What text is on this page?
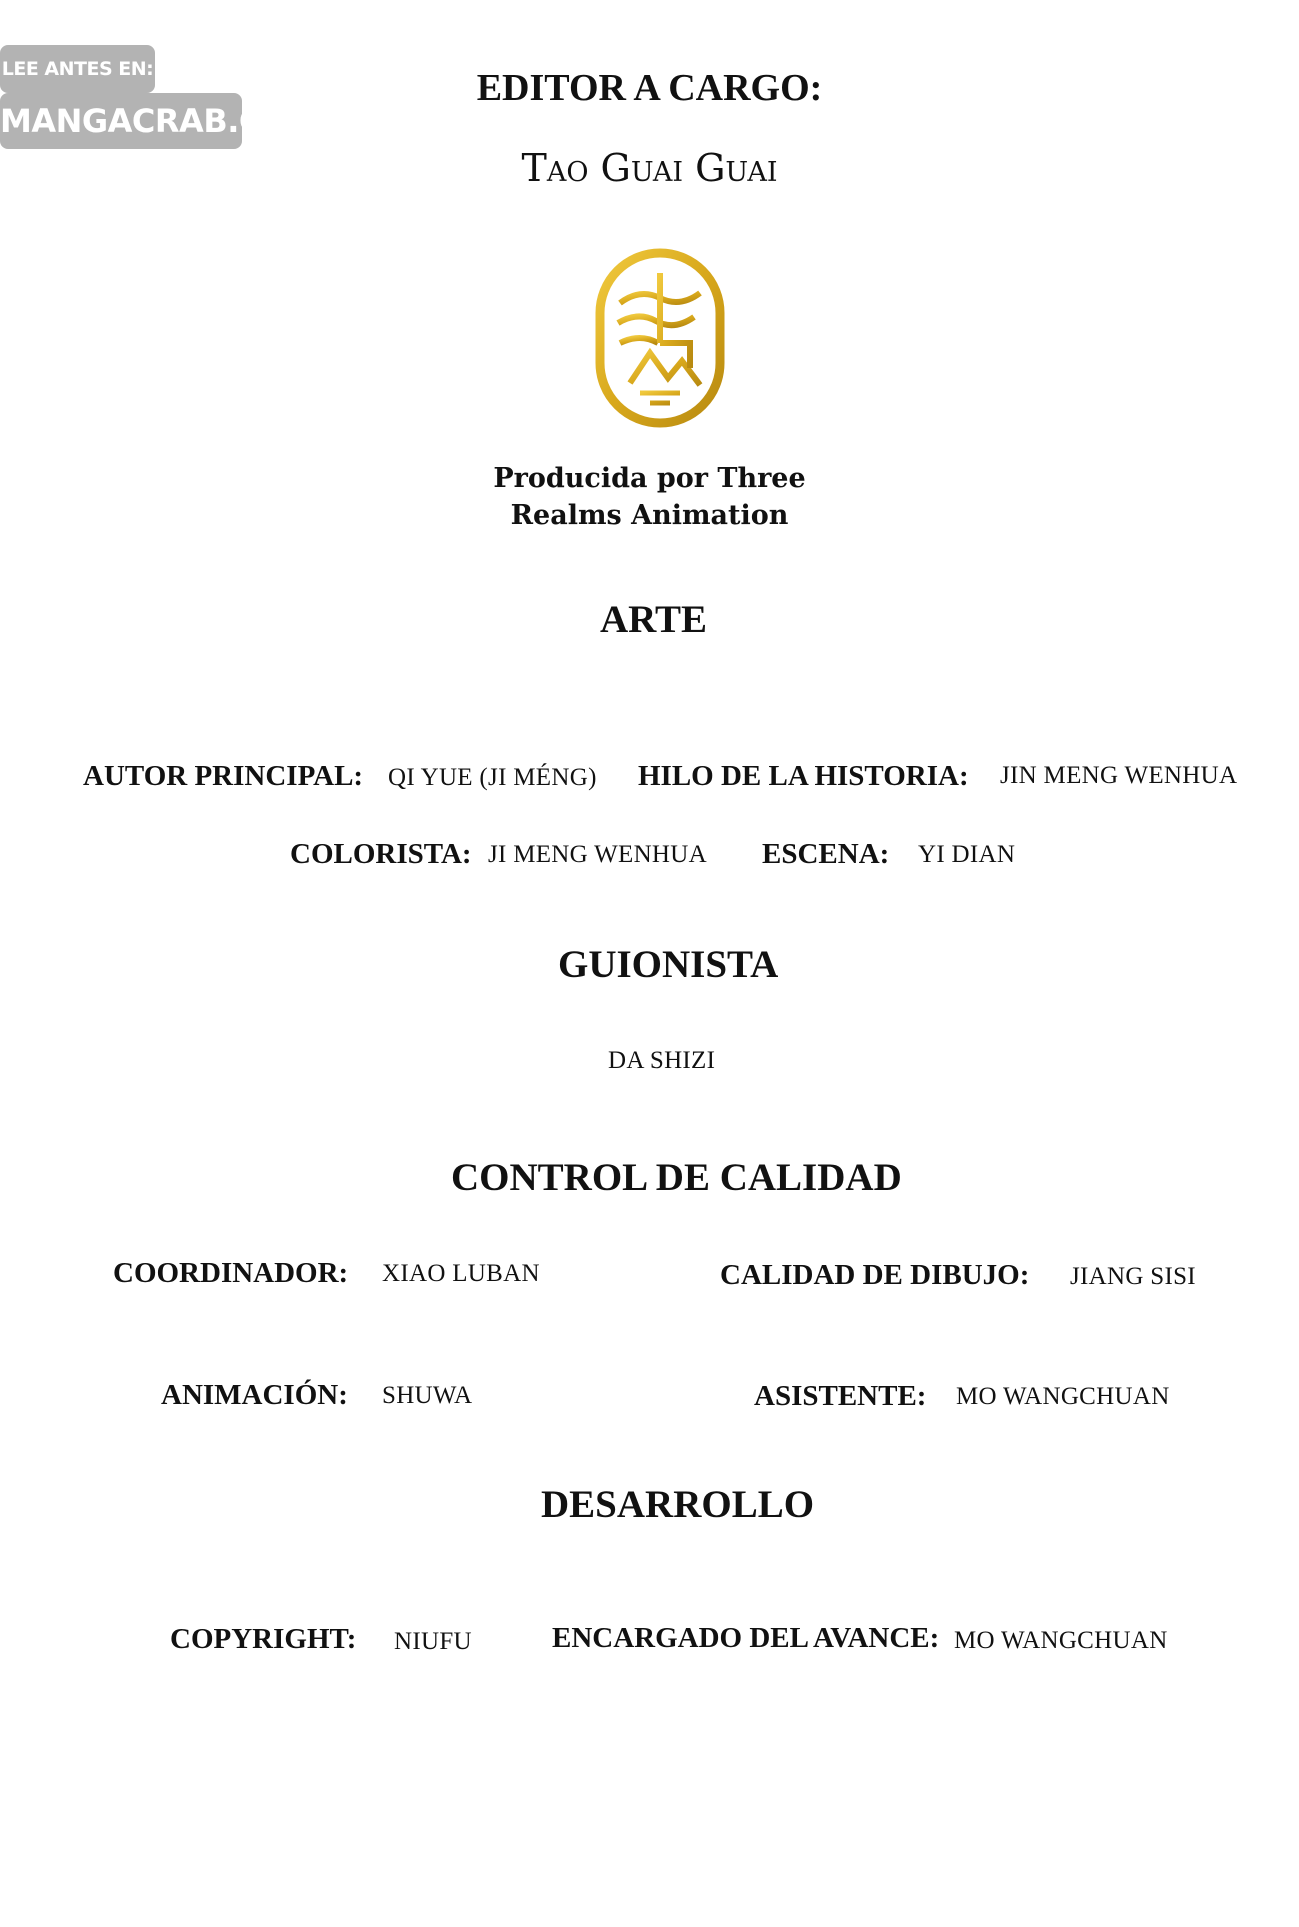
LEE ANTES EN:
MANGACRAB.COM
EDITOR A CARGO:
Tao Guai Guai
Producida por Three
Realms Animation
ARTE
AUTOR PRINCIPAL: QI YUE (JI MÉNG) HILO DE LA HISTORIA: JIN MENG WENHUA
COLORISTA: JI MENG WENHUA ESCENA: YI DIAN
GUIONISTA
DA SHIZI
CONTROL DE CALIDAD
COORDINADOR: XIAO LUBAN	CALIDAD DE DIBUJO: JIANG SISI
ANIMACIÓN: SHUWA	ASISTENTE: MO WANGCHUAN
DESARROLLO
COPYRIGHT: NIUFU	ENCARGADO DEL AVANCE: MO WANGCHUAN
